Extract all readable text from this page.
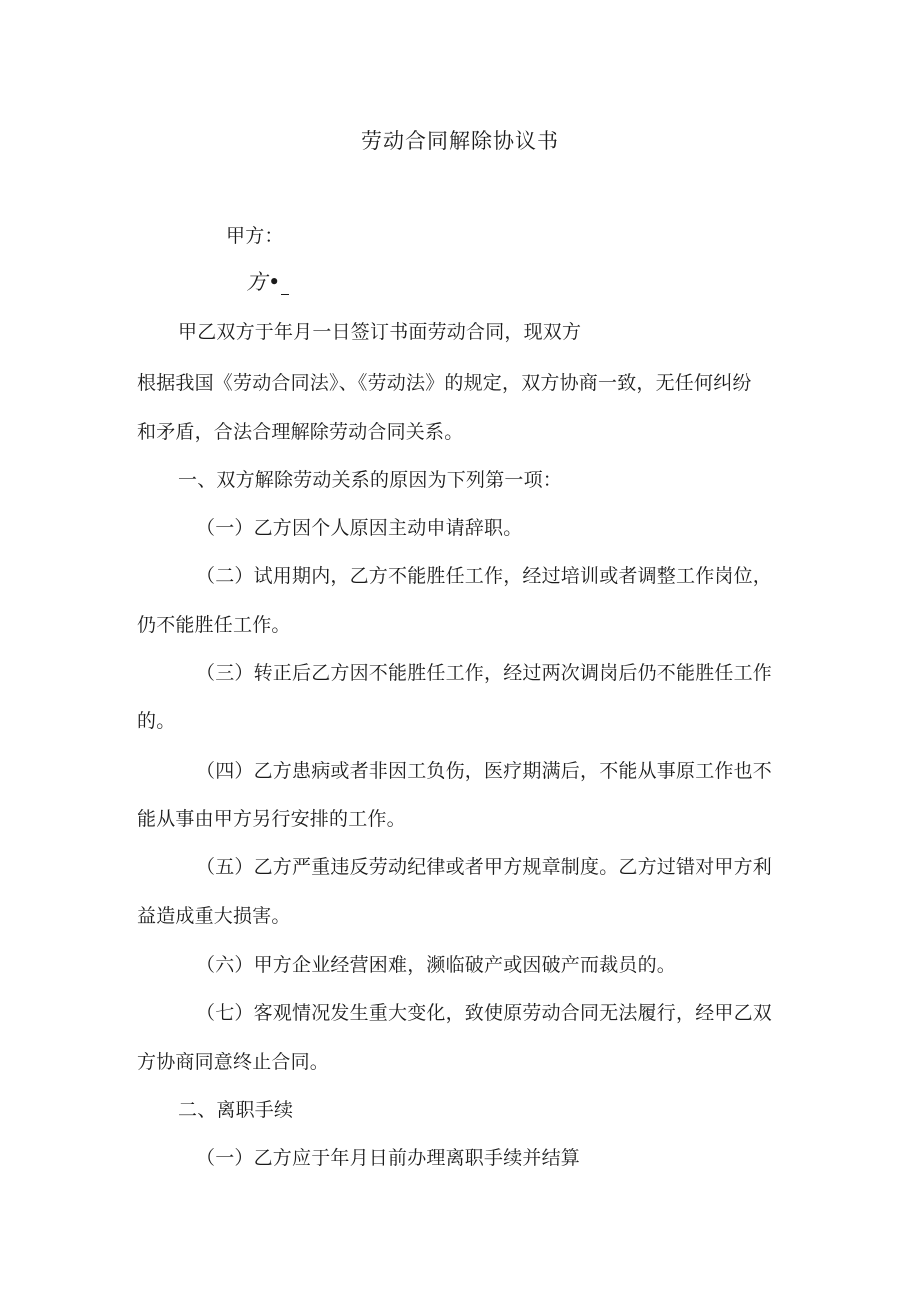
劳动合同解除协议书
甲方：
方•
甲乙双方于年月一日签订书面劳动合同，现双方
根据我国《劳动合同法》、《劳动法》的规定，双方协商一致，无任何纠纷
和矛盾，合法合理解除劳动合同关系。
一、双方解除劳动关系的原因为下列第一项：
（一）乙方因个人原因主动申请辞职。
（二）试用期内，乙方不能胜任工作，经过培训或者调整工作岗位，
仍不能胜任工作。
（三）转正后乙方因不能胜任工作，经过两次调岗后仍不能胜任工作
的。
（四）乙方患病或者非因工负伤，医疗期满后，不能从事原工作也不
能从事由甲方另行安排的工作。
（五）乙方严重违反劳动纪律或者甲方规章制度。乙方过错对甲方利
益造成重大损害。
（六）甲方企业经营困难，濒临破产或因破产而裁员的。
（七）客观情况发生重大变化，致使原劳动合同无法履行，经甲乙双
方协商同意终止合同。
二、离职手续
（一）乙方应于年月日前办理离职手续并结算
